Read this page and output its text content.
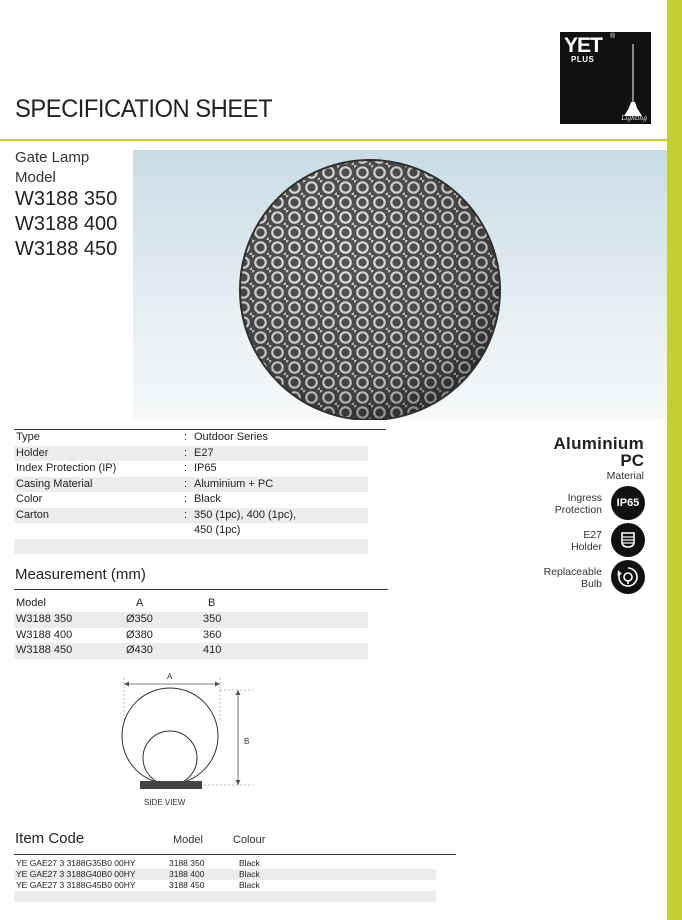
YET ®
PLUS
Lighting
SPECIFICATION SHEET
Gate Lamp
Model
W3188 350
W3188 400
W3188 450
Type	: Outdoor Series
Holder	: E27
Index Protection (IP)	: IP65
Casing Material	: Aluminium + PC
Color	: Black
Carton	: 350 (1pc), 400 (1pc),
450 (1pc)
Measurement (mm)
Model	A	B
W3188 350	Ø350	350
W3188 400	Ø380	360
W3188 450	Ø430	410
A
B
SIDE VIEW
Item Code	Model	Colour
YE GAE27 3 3188G35B0 00HY	3188 350	Black
YE GAE27 3 3188G40B0 00HY	3188 400	Black
YE GAE27 3 3188G45B0 00HY	3188 450	Black
Aluminium
PC
Material
Ingress
Protection
IP65
E27
Holder
Replaceable
Bulb
